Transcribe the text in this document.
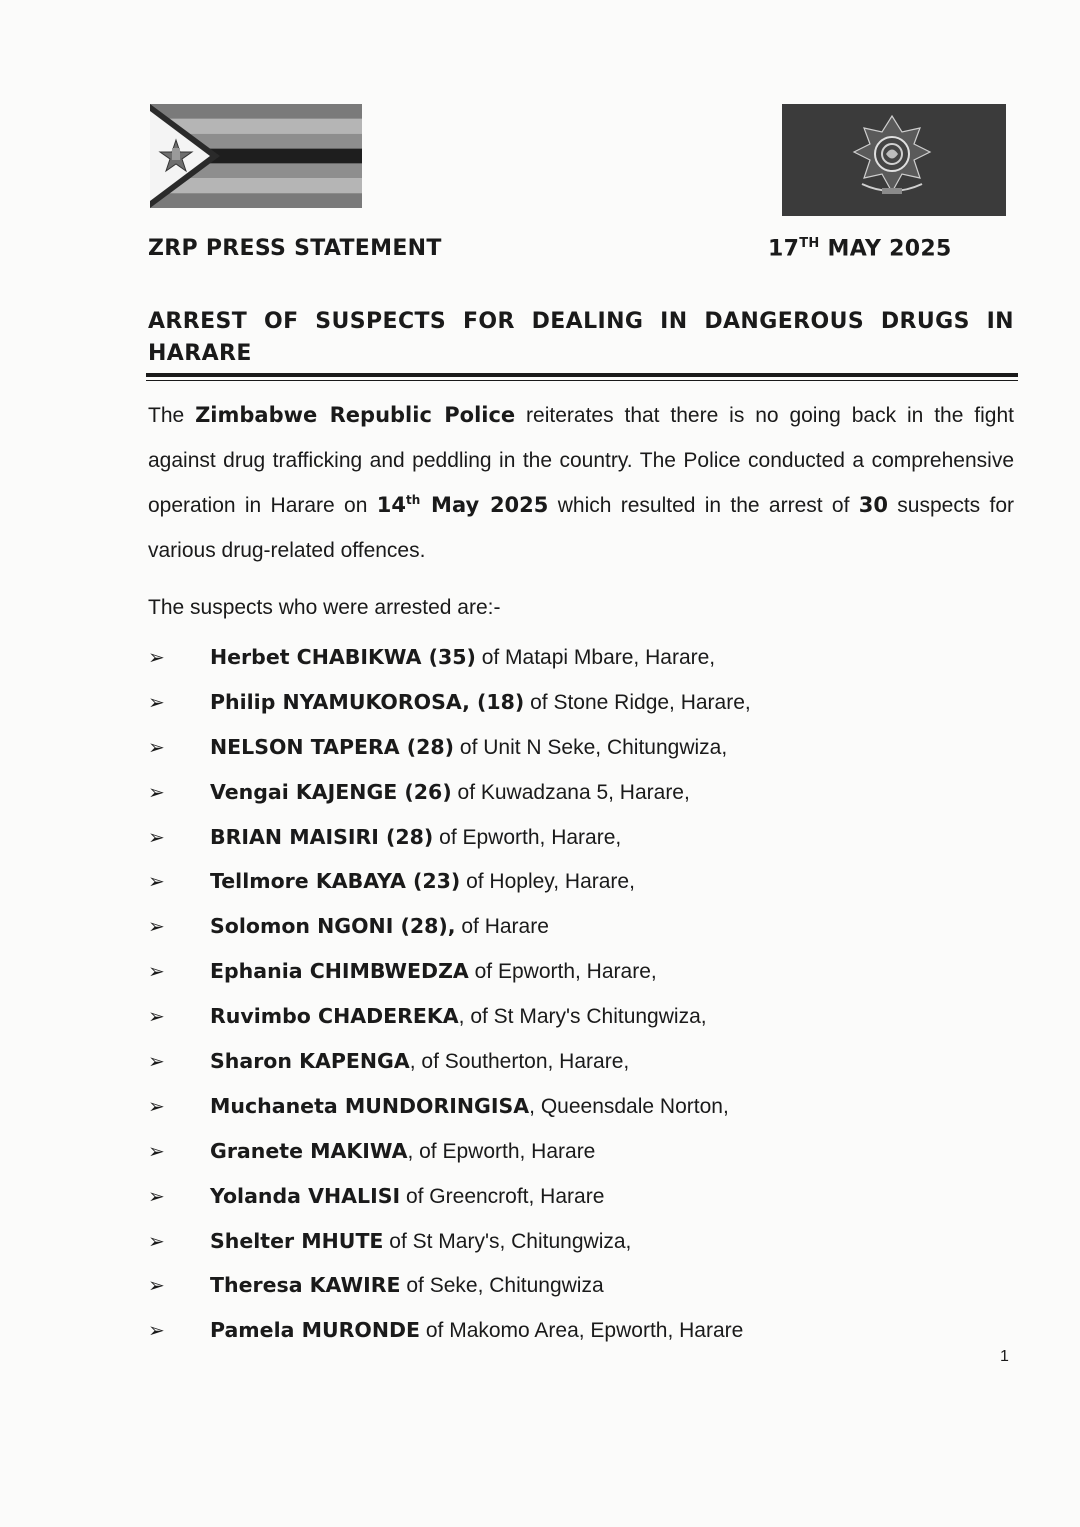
ZRP PRESS STATEMENT	17TH MAY 2025
ARREST OF SUSPECTS FOR DEALING IN DANGEROUS DRUGS IN HARARE
The Zimbabwe Republic Police reiterates that there is no going back in the fight against drug trafficking and peddling in the country. The Police conducted a comprehensive operation in Harare on 14th May 2025 which resulted in the arrest of 30 suspects for various drug-related offences.
The suspects who were arrested are:-
➢ Herbet CHABIKWA (35) of Matapi Mbare, Harare,
➢ Philip NYAMUKOROSA, (18) of Stone Ridge, Harare,
➢ NELSON TAPERA (28) of Unit N Seke, Chitungwiza,
➢ Vengai KAJENGE (26) of Kuwadzana 5, Harare,
➢ BRIAN MAISIRI (28) of Epworth, Harare,
➢ Tellmore KABAYA (23) of Hopley, Harare,
➢ Solomon NGONI (28), of Harare
➢ Ephania CHIMBWEDZA of Epworth, Harare,
➢ Ruvimbo CHADEREKA, of St Mary's Chitungwiza,
➢ Sharon KAPENGA, of Southerton, Harare,
➢ Muchaneta MUNDORINGISA, Queensdale Norton,
➢ Granete MAKIWA, of Epworth, Harare
➢ Yolanda VHALISI of Greencroft, Harare
➢ Shelter MHUTE of St Mary's, Chitungwiza,
➢ Theresa KAWIRE of Seke, Chitungwiza
➢ Pamela MURONDE of Makomo Area, Epworth, Harare
1
